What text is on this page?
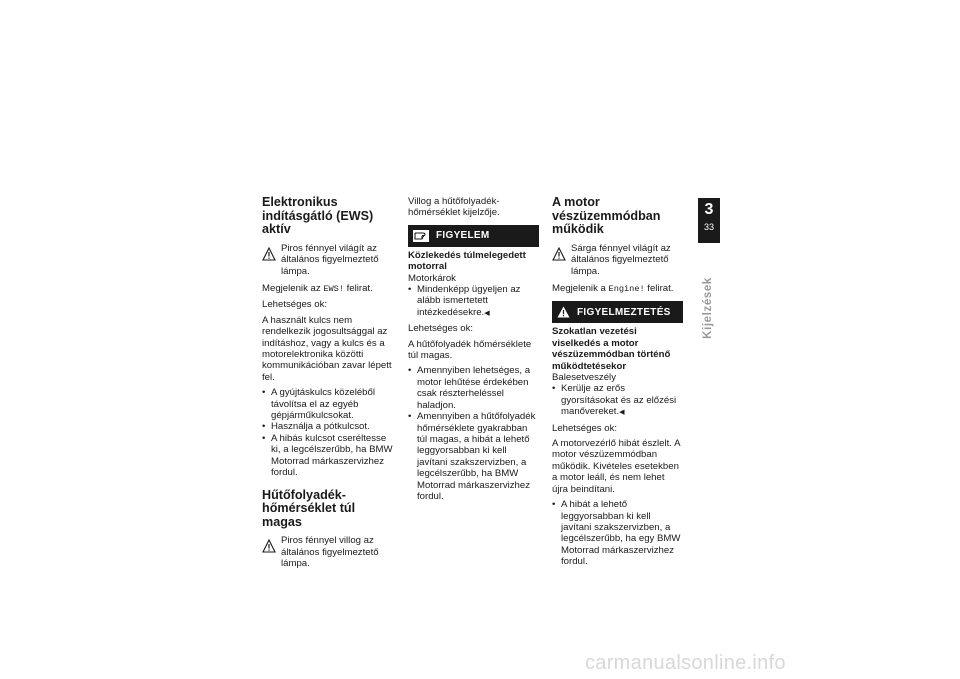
Elektronikus indításgátló (EWS) aktív
Piros fénnyel világít az általános figyelmeztető lámpa.

Megjelenik az EWS! felirat.

Lehetséges ok:

A használt kulcs nem rendelkezik jogosultsággal az indításhoz, vagy a kulcs és a motorelektronika közötti kommunikációban zavar lépett fel.

• A gyújtáskulcs közeléből távolítsa el az egyéb gépjárműkulcsokat.
• Használja a pótkulcsot.
• A hibás kulcsot cseréltesse ki, a legcélszerűbb, ha BMW Motorrad márkaszervizhez fordul.
Hűtőfolyadék-hőmérséklet túl magas
Piros fénnyel villog az általános figyelmeztető lámpa.

Villog a hűtőfolyadék-hőmérséklet kijelzője.

FIGYELEM

Közlekedés túlmelegedett motorral

Motorkárok

• Mindenképp ügyeljen az alább ismertetett intézkedésekre.◀

Lehetséges ok:

A hűtőfolyadék hőmérséklete túl magas.

• Amennyiben lehetséges, a motor lehűtése érdekében csak részterheléssel haladjon.
• Amennyiben a hűtőfolyadék hőmérséklete gyakrabban túl magas, a hibát a lehető leggyorsabban ki kell javítani szakszervizben, a legcélszerűbb, ha BMW Motorrad márkaszervizhez fordul.
A motor vészüzemmódban működik
Sárga fénnyel világít az általános figyelmeztető lámpa.

Megjelenik a Engine! felirat.

FIGYELMEZTETÉS

Szokatlan vezetési viselkedés a motor vészüzemmódban történő működtetésekor

Balesetveszély

• Kerülje az erős gyorsításokat és az előzési manővereket.◀

Lehetséges ok:

A motorvezérlő hibát észlelt. A motor vészüzemmódban működik. Kivételes esetekben a motor leáll, és nem lehet újra beindítani.

• A hibát a lehető leggyorsabban ki kell javítani szakszervizben, a legcélszerűbb, ha egy BMW Motorrad márkaszervizhez fordul.
3
33
Kijelzések
carmanualsonline.info
